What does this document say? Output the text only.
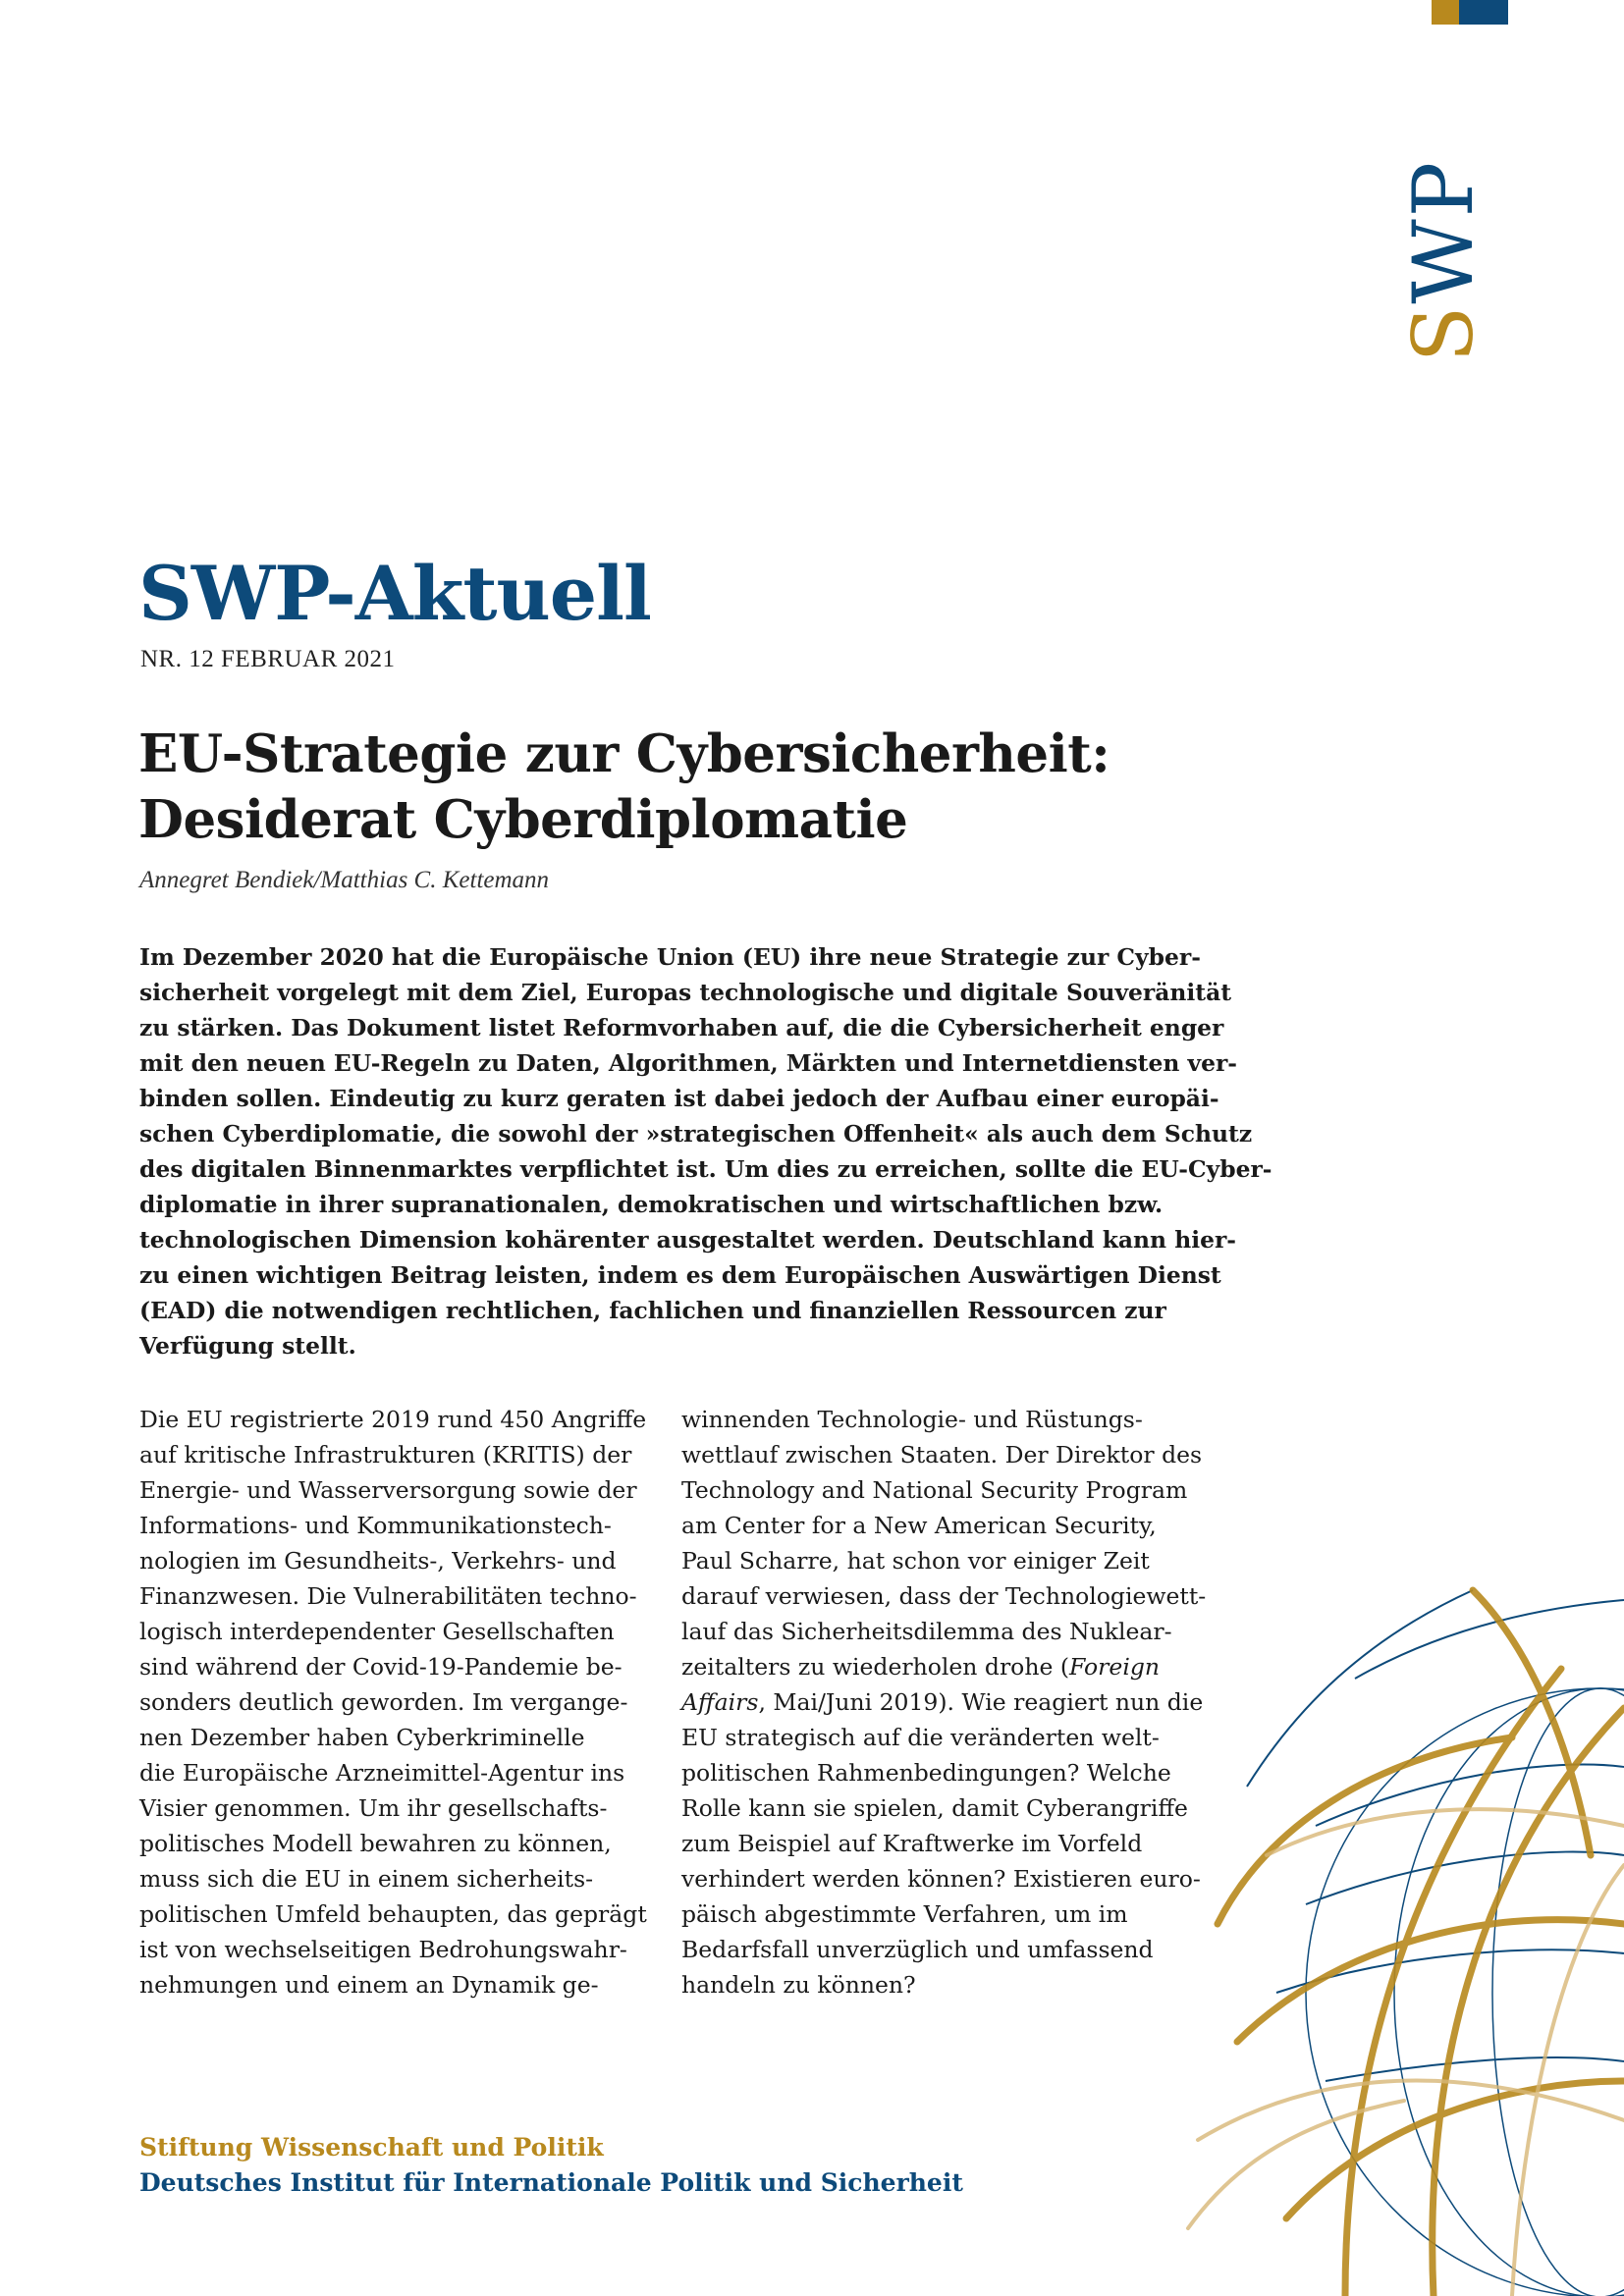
SWP
SWP-Aktuell
NR. 12 FEBRUAR 2021
EU-Strategie zur Cybersicherheit:
Desiderat Cyberdiplomatie
Annegret Bendiek/Matthias C. Kettemann
Im Dezember 2020 hat die Europäische Union (EU) ihre neue Strategie zur Cyber-
sicherheit vorgelegt mit dem Ziel, Europas technologische und digitale Souveränität
zu stärken. Das Dokument listet Reformvorhaben auf, die die Cybersicherheit enger
mit den neuen EU-Regeln zu Daten, Algorithmen, Märkten und Internetdiensten ver-
binden sollen. Eindeutig zu kurz geraten ist dabei jedoch der Aufbau einer europäi-
schen Cyberdiplomatie, die sowohl der »strategischen Offenheit« als auch dem Schutz
des digitalen Binnenmarktes verpflichtet ist. Um dies zu erreichen, sollte die EU-Cyber-
diplomatie in ihrer supranationalen, demokratischen und wirtschaftlichen bzw.
technologischen Dimension kohärenter ausgestaltet werden. Deutschland kann hier-
zu einen wichtigen Beitrag leisten, indem es dem Europäischen Auswärtigen Dienst
(EAD) die notwendigen rechtlichen, fachlichen und finanziellen Ressourcen zur
Verfügung stellt.
Die EU registrierte 2019 rund 450 Angriffe
auf kritische Infrastrukturen (KRITIS) der
Energie- und Wasserversorgung sowie der
Informations- und Kommunikationstech-
nologien im Gesundheits-, Verkehrs- und
Finanzwesen. Die Vulnerabilitäten techno-
logisch interdependenter Gesellschaften
sind während der Covid-19-Pandemie be-
sonders deutlich geworden. Im vergange-
nen Dezember haben Cyberkriminelle
die Europäische Arzneimittel-Agentur ins
Visier genommen. Um ihr gesellschafts-
politisches Modell bewahren zu können,
muss sich die EU in einem sicherheits-
politischen Umfeld behaupten, das geprägt
ist von wechselseitigen Bedrohungswahr-
nehmungen und einem an Dynamik ge-
winnenden Technologie- und Rüstungs-
wettlauf zwischen Staaten. Der Direktor des
Technology and National Security Program
am Center for a New American Security,
Paul Scharre, hat schon vor einiger Zeit
darauf verwiesen, dass der Technologiewett-
lauf das Sicherheitsdilemma des Nuklear-
zeitalters zu wiederholen drohe (Foreign
Affairs, Mai/Juni 2019). Wie reagiert nun die
EU strategisch auf die veränderten welt-
politischen Rahmenbedingungen? Welche
Rolle kann sie spielen, damit Cyberangriffe
zum Beispiel auf Kraftwerke im Vorfeld
verhindert werden können? Existieren euro-
päisch abgestimmte Verfahren, um im
Bedarfsfall unverzüglich und umfassend
handeln zu können?
Stiftung Wissenschaft und Politik
Deutsches Institut für Internationale Politik und Sicherheit
